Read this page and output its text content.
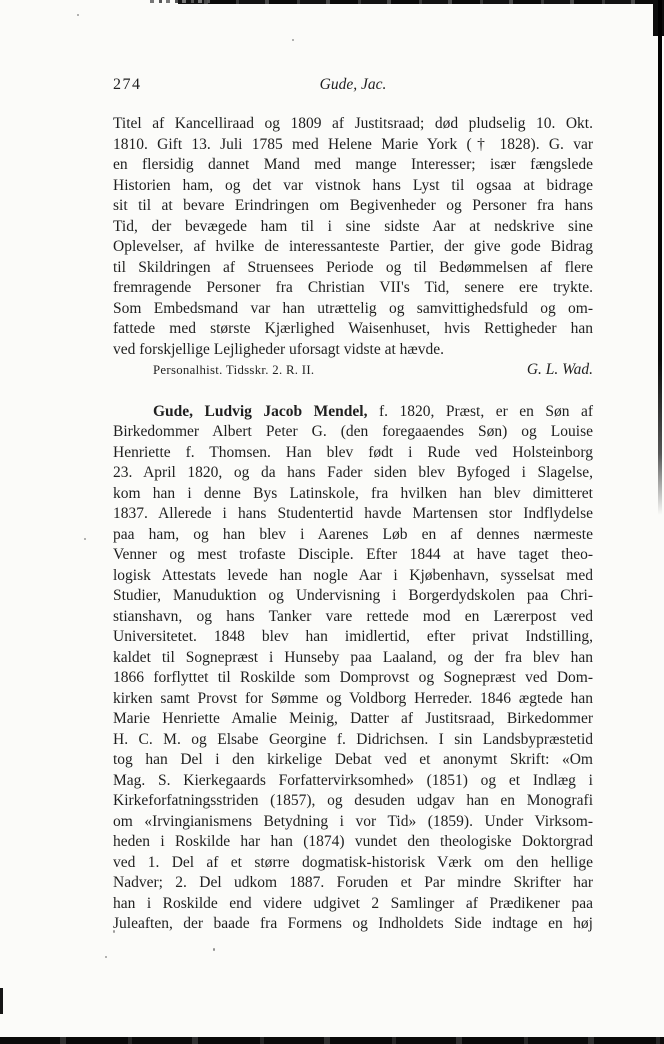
274	Gude, Jac.
Titel af Kancelliraad og 1809 af Justitsraad; død pludselig 10. Okt.
1810. Gift 13. Juli 1785 med Helene Marie York († 1828). G. var
en flersidig dannet Mand med mange Interesser; især fængslede
Historien ham, og det var vistnok hans Lyst til ogsaa at bidrage
sit til at bevare Erindringen om Begivenheder og Personer fra hans
Tid, der bevægede ham til i sine sidste Aar at nedskrive sine
Oplevelser, af hvilke de interessanteste Partier, der give gode Bidrag
til Skildringen af Struensees Periode og til Bedømmelsen af flere
fremragende Personer fra Christian VII's Tid, senere ere trykte.
Som Embedsmand var han utrættelig og samvittighedsfuld og om-
fattede med største Kjærlighed Waisenhuset, hvis Rettigheder han
ved forskjellige Lejligheder uforsagt vidste at hævde.
Personalhist. Tidsskr. 2. R. II.	G. L. Wad.
Gude, Ludvig Jacob Mendel, f. 1820, Præst, er en Søn af
Birkedommer Albert Peter G. (den foregaaendes Søn) og Louise
Henriette f. Thomsen. Han blev født i Rude ved Holsteinborg
23. April 1820, og da hans Fader siden blev Byfoged i Slagelse,
kom han i denne Bys Latinskole, fra hvilken han blev dimitteret
1837. Allerede i hans Studentertid havde Martensen stor Indflydelse
paa ham, og han blev i Aarenes Løb en af dennes nærmeste
Venner og mest trofaste Disciple. Efter 1844 at have taget theo-
logisk Attestats levede han nogle Aar i Kjøbenhavn, sysselsat med
Studier, Manuduktion og Undervisning i Borgerdydskolen paa Chri-
stianshavn, og hans Tanker vare rettede mod en Lærerpost ved
Universitetet. 1848 blev han imidlertid, efter privat Indstilling,
kaldet til Sognepræst i Hunseby paa Laaland, og der fra blev han
1866 forflyttet til Roskilde som Domprovst og Sognepræst ved Dom-
kirken samt Provst for Sømme og Voldborg Herreder. 1846 ægtede han
Marie Henriette Amalie Meinig, Datter af Justitsraad, Birkedommer
H. C. M. og Elsabe Georgine f. Didrichsen. I sin Landsbypræstetid
tog han Del i den kirkelige Debat ved et anonymt Skrift: «Om
Mag. S. Kierkegaards Forfattervirksomhed» (1851) og et Indlæg i
Kirkeforfatningsstriden (1857), og desuden udgav han en Monografi
om «Irvingianismens Betydning i vor Tid» (1859). Under Virksom-
heden i Roskilde har han (1874) vundet den theologiske Doktorgrad
ved 1. Del af et større dogmatisk-historisk Værk om den hellige
Nadver; 2. Del udkom 1887. Foruden et Par mindre Skrifter har
han i Roskilde end videre udgivet 2 Samlinger af Prædikener paa
Juleaften, der baade fra Formens og Indholdets Side indtage en høj
